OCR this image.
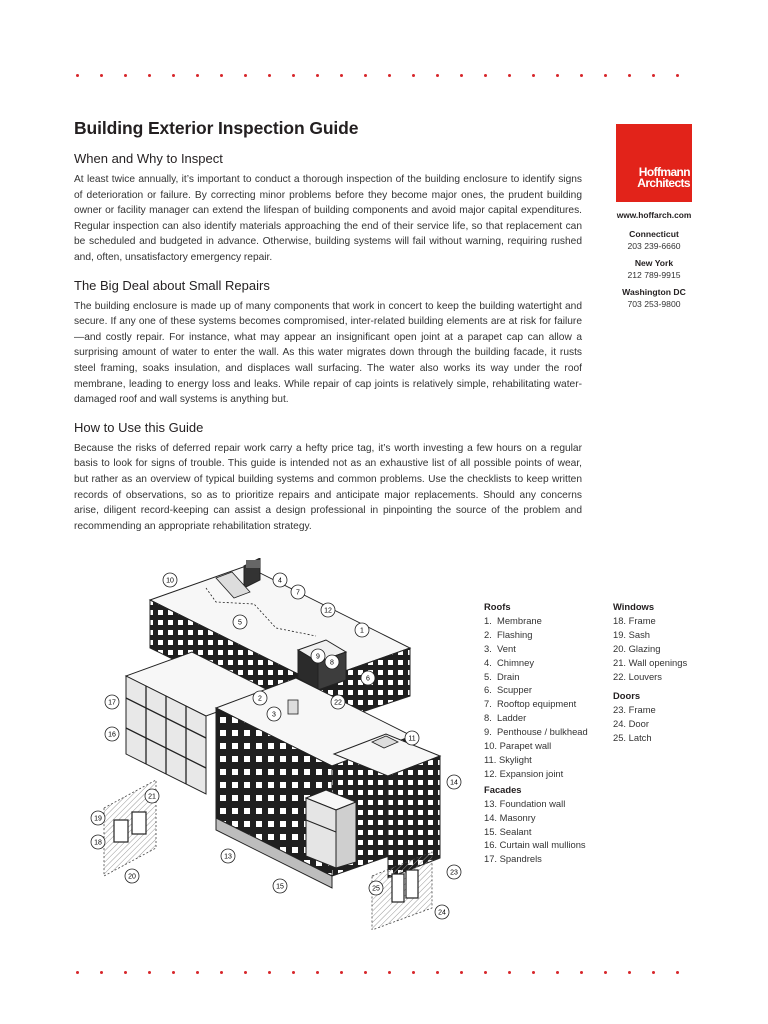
Building Exterior Inspection Guide
When and Why to Inspect

At least twice annually, it’s important to conduct a thorough inspection of the building enclosure to identify signs of deterioration or failure. By correcting minor problems before they become major ones, the prudent building owner or facility manager can extend the lifespan of building components and avoid major capital expenditures. Regular inspection can also identify materials approaching the end of their service life, so that replacement can be scheduled and budgeted in advance. Otherwise, building systems will fail without warning, requiring rushed and, often, unsatisfactory emergency repair.

The Big Deal about Small Repairs

The building enclosure is made up of many components that work in concert to keep the building watertight and secure. If any one of these systems becomes compromised, inter-related building elements are at risk for failure—and costly repair. For instance, what may appear an insignificant open joint at a parapet cap can allow a surprising amount of water to enter the wall. As this water migrates down through the building facade, it rusts steel framing, soaks insulation, and displaces wall surfacing. The water also works its way under the roof membrane, leading to energy loss and leaks. While repair of cap joints is relatively simple, rehabilitating water-damaged roof and wall systems is anything but.

How to Use this Guide

Because the risks of deferred repair work carry a hefty price tag, it’s worth investing a few hours on a regular basis to look for signs of trouble. This guide is intended not as an exhaustive list of all possible points of wear, but rather as an overview of typical building systems and common problems. Use the checklists to keep written records of observations, so as to prioritize repairs and anticipate major replacements. Should any concerns arise, diligent record-keeping can assist a design professional in pinpointing the source of the problem and recommending an appropriate rehabilitation strategy.

Hoffmann
Architects
www.hoffarch.com
Connecticut
203 239-6660
New York
212 789-9915
Washington DC
703 253-9800
1
2
3
4
5
6
7
8
9
10
11
12
13
14
15
16
17
18
19
20
21
22
23
24
25
Roofs
1.  Membrane
2.  Flashing
3.  Vent
4.  Chimney
5.  Drain
6.  Scupper
7.  Rooftop equipment
8.  Ladder
9.  Penthouse / bulkhead
10. Parapet wall
11. Skylight
12. Expansion joint
Facades
13. Foundation wall
14. Masonry
15. Sealant
16. Curtain wall mullions
17. Spandrels
Windows
18. Frame
19. Sash
20. Glazing
21. Wall openings
22. Louvers
Doors
23. Frame
24. Door
25. Latch
